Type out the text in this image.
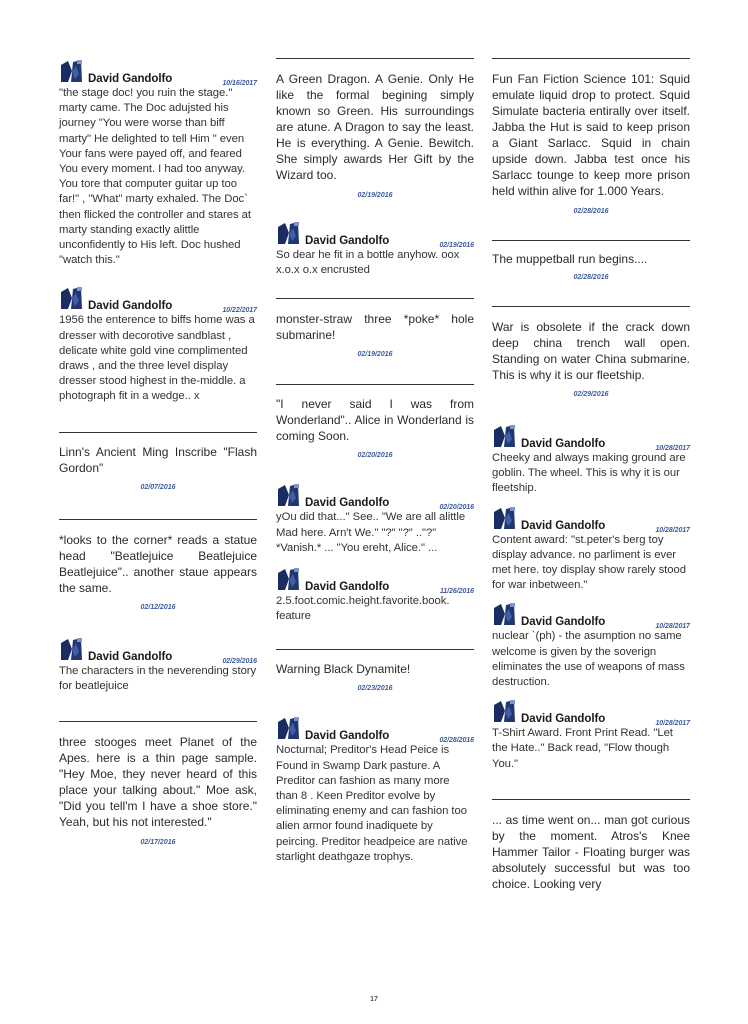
David Gandolfo	10/16/2017

"the stage doc! you ruin the stage." marty came. The Doc adujsted his journey "You were worse than biff marty" He delighted to tell Him " even Your fans were payed off, and feared You every moment. I had too anyway. You tore that computer guitar up too far!" , "What" marty exhaled. The Doc` then flicked the controller and stares at marty standing exactly alittle unconfidently to His left. Doc hushed "watch this."

David Gandolfo	10/22/2017

1956 the enterence to biffs home was a dresser with decorotive sandblast , delicate white gold vine complimented draws , and the three level display dresser stood highest in the-middle. a photograph fit in a wedge.. x

Linn's Ancient Ming Inscribe "Flash Gordon"

02/07/2016

*looks to the corner* reads a statue head "Beatlejuice Beatlejuice Beatlejuice".. another staue appears the same.

02/12/2016

David Gandolfo	02/29/2016

The characters in the neverending story for beatlejuice

three stooges meet Planet of the Apes. here is a thin page sample. "Hey Moe, they never heard of this place your talking about." Moe ask, "Did you tell'm I have a shoe store." Yeah, but his not interested."

02/17/2016

A Green Dragon. A Genie. Only He like the formal begining simply known so Green. His surroundings are atune. A Dragon to say the least. He is everything. A Genie. Bewitch. She simply awards Her Gift by the Wizard too.

02/19/2016

David Gandolfo	02/19/2016

So dear he fit in a bottle anyhow. oox x.o.x o.x encrusted

monster-straw three *poke* hole submarine!

02/19/2016

"I never said I was from Wonderland".. Alice in Wonderland is coming Soon.

02/20/2016

David Gandolfo	02/20/2016

yOu did that..." See.. "We are all alittle Mad here. Arn't We." "?" "?" .."?" *Vanish.* ... "You ereht, Alice." ...

David Gandolfo	11/26/2016

2.5.foot.comic.height.favorite.book. feature

Warning Black Dynamite!

02/23/2016

David Gandolfo	02/28/2016

Nocturnal; Preditor's Head Peice is Found in Swamp Dark pasture. A Preditor can fashion as many more than 8 . Keen Preditor evolve by eliminating enemy and can fashion too alien armor found inadiquete by peircing. Preditor headpeice are native starlight deathgaze trophys.

Fun Fan Fiction Science 101: Squid emulate liquid drop to protect. Squid Simulate bacteria entirally over itself. Jabba the Hut is said to keep prison a Giant Sarlacc. Squid in chain upside down. Jabba test once his Sarlacc tounge to keep more prison held within alive for 1.000 Years.

02/28/2016

The muppetball run begins....

02/28/2016

War is obsolete if the crack down deep china trench wall open. Standing on water China submarine. This is why it is our fleetship.

02/29/2016

David Gandolfo	10/28/2017

Cheeky and always making ground are goblin. The wheel. This is why it is our fleetship.

David Gandolfo	10/28/2017

Content award: "st.peter's berg toy display advance. no parliment is ever met here. toy display show rarely stood for war inbetween."

David Gandolfo	10/28/2017

nuclear `(ph) - the asumption no same welcome is given by the soverign eliminates the use of weapons of mass destruction.

David Gandolfo	10/28/2017

T-Shirt Award. Front Print Read. "Let the Hate.." Back read, "Flow though You."

... as time went on... man got curious by the moment. Atros's Knee Hammer Tailor - Floating burger was absolutely successful but was too choice. Looking very

17
